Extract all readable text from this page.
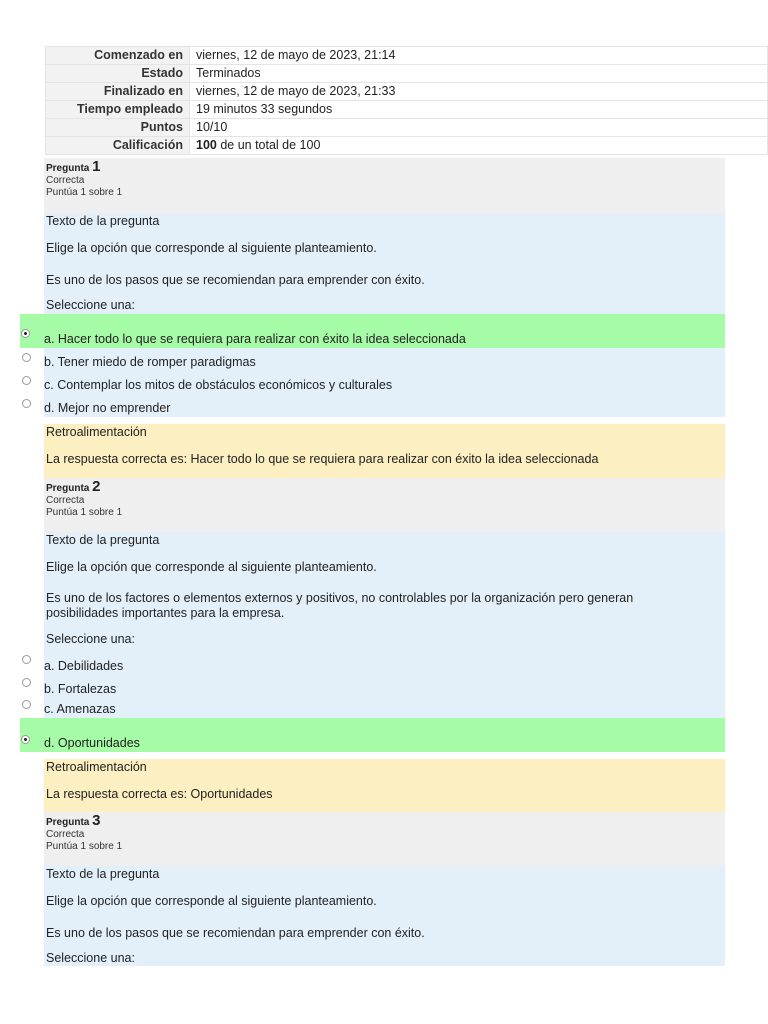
Comenzado en	viernes, 12 de mayo de 2023, 21:14
Estado	Terminados
Finalizado en	viernes, 12 de mayo de 2023, 21:33
Tiempo empleado	19 minutos 33 segundos
Puntos	10/10
Calificación	100 de un total de 100
Pregunta 1
Correcta
Puntúa 1 sobre 1
Texto de la pregunta
Elige la opción que corresponde al siguiente planteamiento.
Es uno de los pasos que se recomiendan para emprender con éxito.
Seleccione una:
a. Hacer todo lo que se requiera para realizar con éxito la idea seleccionada
b. Tener miedo de romper paradigmas
c. Contemplar los mitos de obstáculos económicos y culturales
d. Mejor no emprender
Retroalimentación
La respuesta correcta es: Hacer todo lo que se requiera para realizar con éxito la idea seleccionada
Pregunta 2
Correcta
Puntúa 1 sobre 1
Texto de la pregunta
Elige la opción que corresponde al siguiente planteamiento.
Es uno de los factores o elementos externos y positivos, no controlables por la organización pero generan
posibilidades importantes para la empresa.
Seleccione una:
a. Debilidades
b. Fortalezas
c. Amenazas
d. Oportunidades
Retroalimentación
La respuesta correcta es: Oportunidades
Pregunta 3
Correcta
Puntúa 1 sobre 1
Texto de la pregunta
Elige la opción que corresponde al siguiente planteamiento.
Es uno de los pasos que se recomiendan para emprender con éxito.
Seleccione una:
